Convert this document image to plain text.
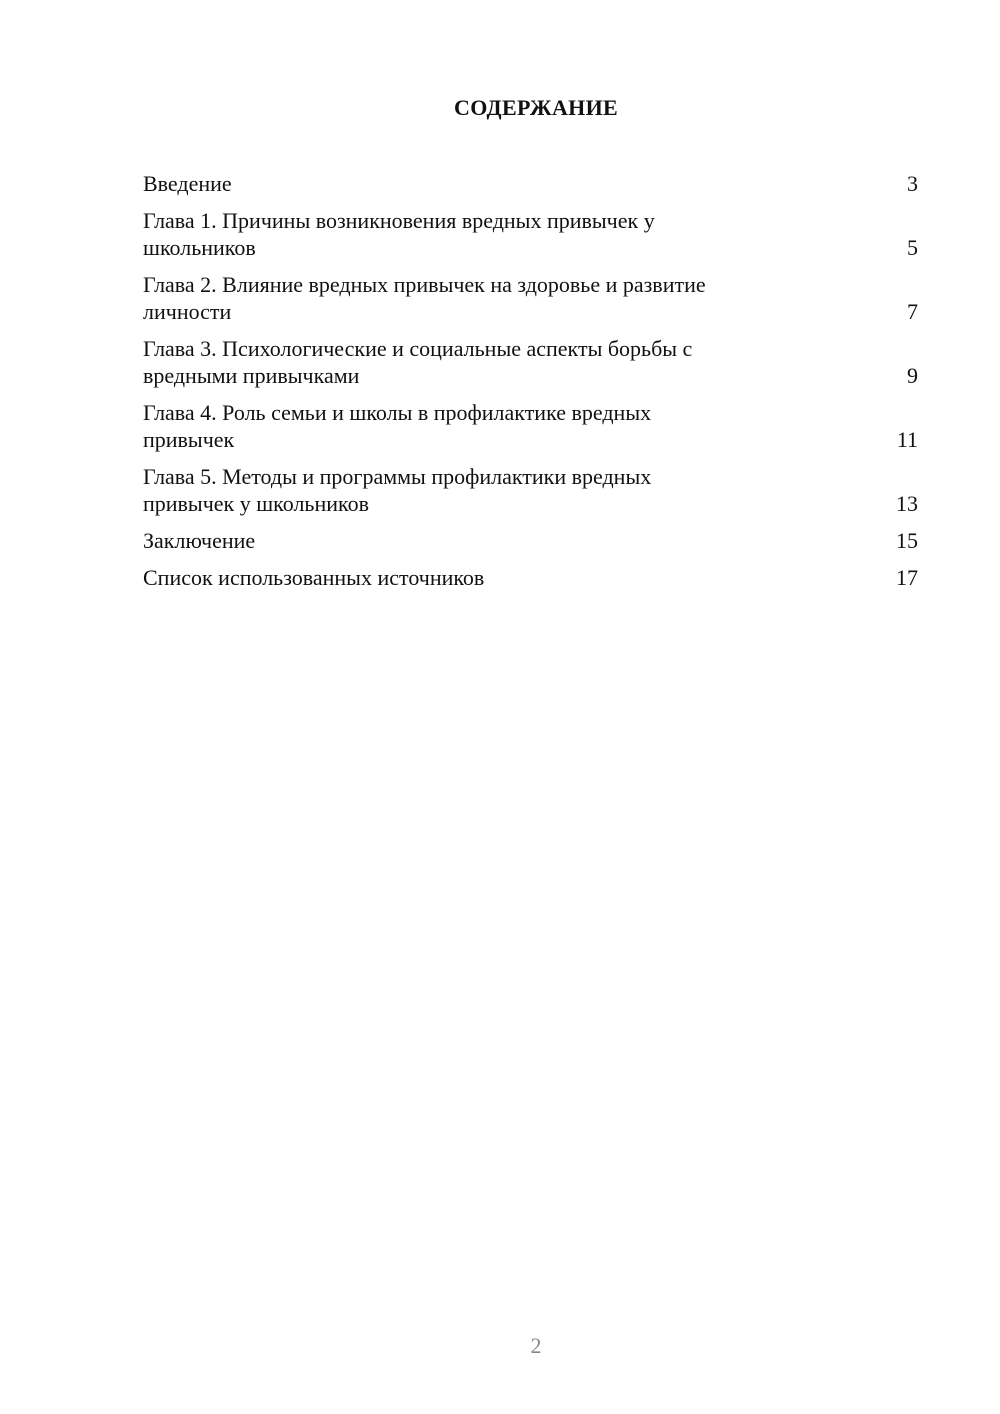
СОДЕРЖАНИЕ
Введение	3
Глава 1. Причины возникновения вредных привычек у
школьников	5
Глава 2. Влияние вредных привычек на здоровье и развитие
личности	7
Глава 3. Психологические и социальные аспекты борьбы с
вредными привычками	9
Глава 4. Роль семьи и школы в профилактике вредных
привычек	11
Глава 5. Методы и программы профилактики вредных
привычек у школьников	13
Заключение	15
Список использованных источников	17
2
